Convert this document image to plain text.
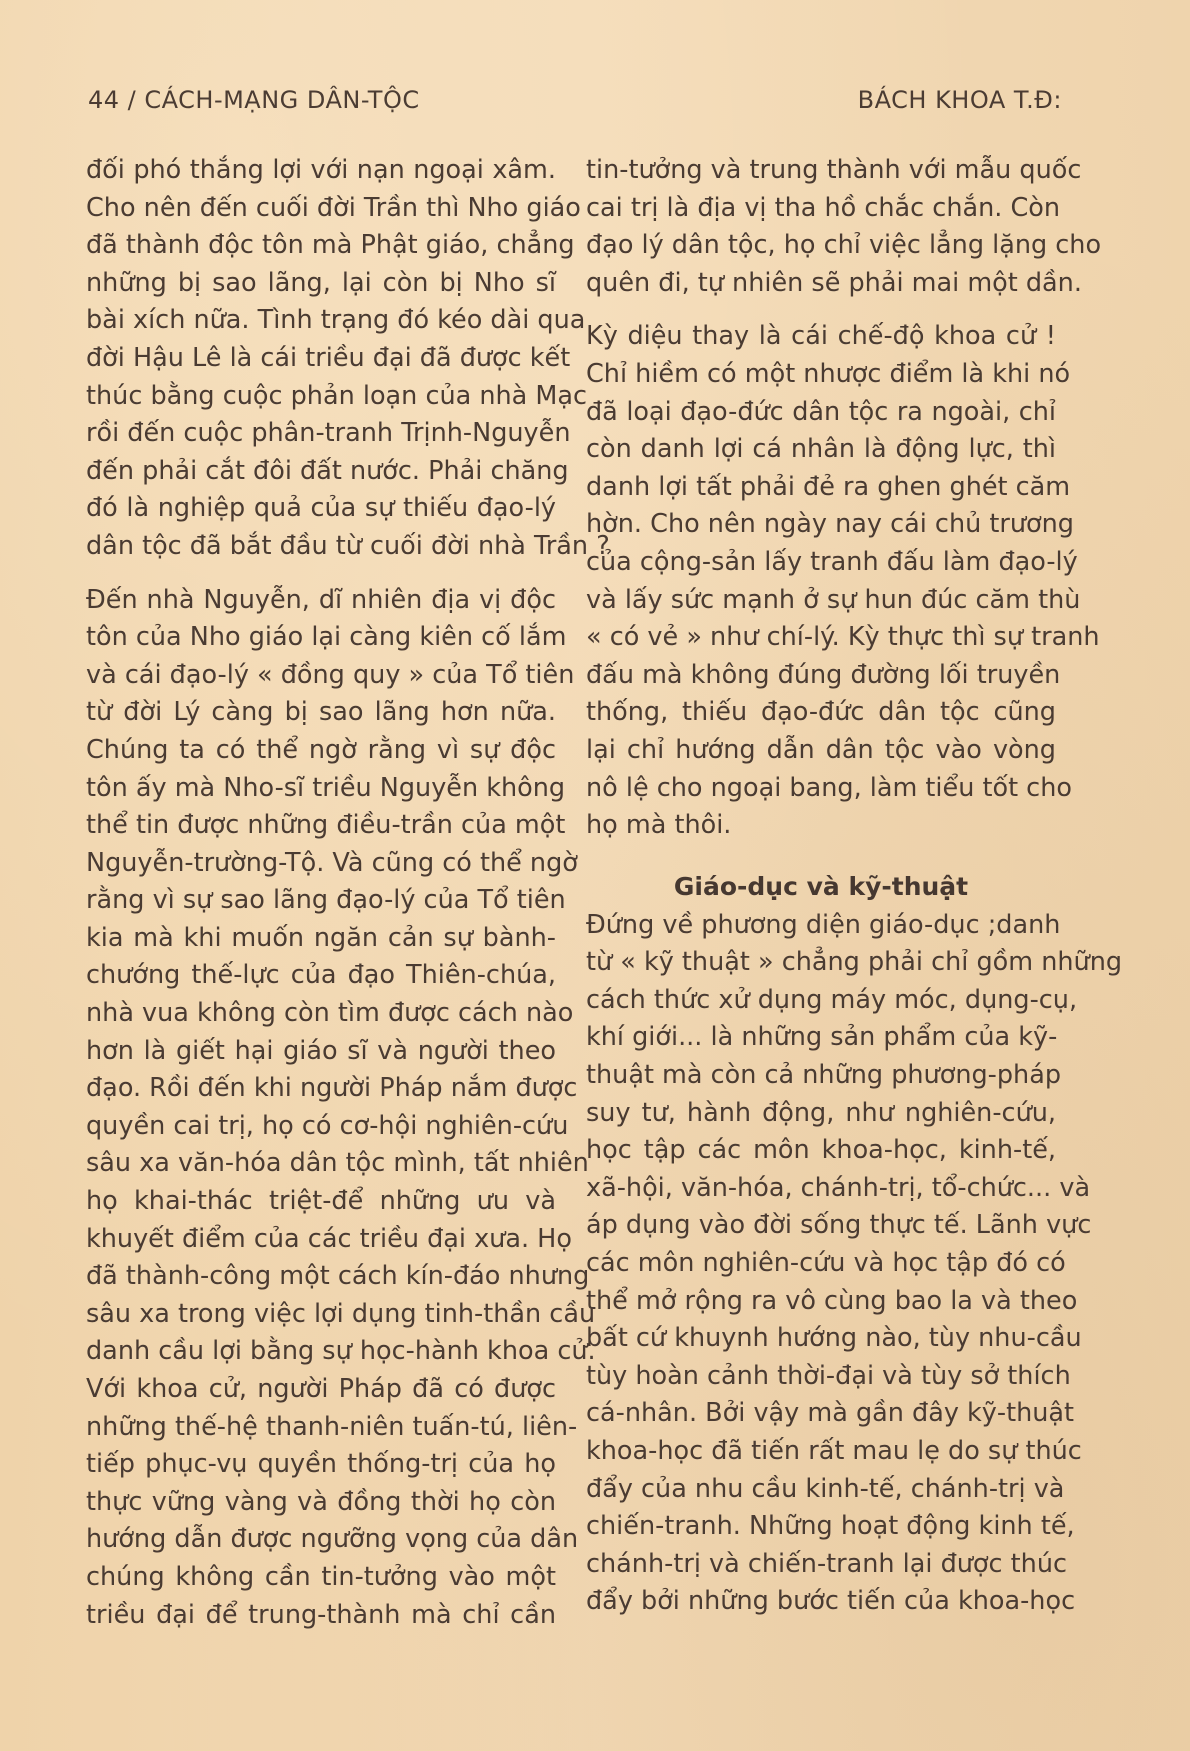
44 / CÁCH-MẠNG DÂN-TỘC	BÁCH KHOA T.Đ:
đối phó thắng lợi với nạn ngoại xâm.
Cho nên đến cuối đời Trần thì Nho giáo
đã thành độc tôn mà Phật giáo, chẳng
những bị sao lãng, lại còn bị Nho sĩ
bài xích nữa. Tình trạng đó kéo dài qua
đời Hậu Lê là cái triều đại đã được kết
thúc bằng cuộc phản loạn của nhà Mạc
rồi đến cuộc phân-tranh Trịnh-Nguyễn
đến phải cắt đôi đất nước. Phải chăng
đó là nghiệp quả của sự thiếu đạo-lý
dân tộc đã bắt đầu từ cuối đời nhà Trần ?
Đến nhà Nguyễn, dĩ nhiên địa vị độc
tôn của Nho giáo lại càng kiên cố lắm
và cái đạo-lý « đồng quy » của Tổ tiên
từ đời Lý càng bị sao lãng hơn nữa.
Chúng ta có thể ngờ rằng vì sự độc
tôn ấy mà Nho-sĩ triều Nguyễn không
thể tin được những điều-trần của một
Nguyễn-trường-Tộ. Và cũng có thể ngờ
rằng vì sự sao lãng đạo-lý của Tổ tiên
kia mà khi muốn ngăn cản sự bành-
chướng thế-lực của đạo Thiên-chúa,
nhà vua không còn tìm được cách nào
hơn là giết hại giáo sĩ và người theo
đạo. Rồi đến khi người Pháp nắm được
quyền cai trị, họ có cơ-hội nghiên-cứu
sâu xa văn-hóa dân tộc mình, tất nhiên
họ khai-thác triệt-để những ưu và
khuyết điểm của các triều đại xưa. Họ
đã thành-công một cách kín-đáo nhưng
sâu xa trong việc lợi dụng tinh-thần cầu
danh cầu lợi bằng sự học-hành khoa cử.
Với khoa cử, người Pháp đã có được
những thế-hệ thanh-niên tuấn-tú, liên-
tiếp phục-vụ quyền thống-trị của họ
thực vững vàng và đồng thời họ còn
hướng dẫn được ngưỡng vọng của dân
chúng không cần tin-tưởng vào một
triều đại để trung-thành mà chỉ cần
tin-tưởng và trung thành với mẫu quốc
cai trị là địa vị tha hồ chắc chắn. Còn
đạo lý dân tộc, họ chỉ việc lẳng lặng cho
quên đi, tự nhiên sẽ phải mai một dần.
Kỳ diệu thay là cái chế-độ khoa cử !
Chỉ hiềm có một nhược điểm là khi nó
đã loại đạo-đức dân tộc ra ngoài, chỉ
còn danh lợi cá nhân là động lực, thì
danh lợi tất phải đẻ ra ghen ghét căm
hờn. Cho nên ngày nay cái chủ trương
của cộng-sản lấy tranh đấu làm đạo-lý
và lấy sức mạnh ở sự hun đúc căm thù
« có vẻ » như chí-lý. Kỳ thực thì sự tranh
đấu mà không đúng đường lối truyền
thống, thiếu đạo-đức dân tộc cũng
lại chỉ hướng dẫn dân tộc vào vòng
nô lệ cho ngoại bang, làm tiểu tốt cho
họ mà thôi.
Giáo-dục và kỹ-thuật
Đứng về phương diện giáo-dục ;danh
từ « kỹ thuật » chẳng phải chỉ gồm những
cách thức xử dụng máy móc, dụng-cụ,
khí giới... là những sản phẩm của kỹ-
thuật mà còn cả những phương-pháp
suy tư, hành động, như nghiên-cứu,
học tập các môn khoa-học, kinh-tế,
xã-hội, văn-hóa, chánh-trị, tổ-chức... và
áp dụng vào đời sống thực tế. Lãnh vực
các môn nghiên-cứu và học tập đó có
thể mở rộng ra vô cùng bao la và theo
bất cứ khuynh hướng nào, tùy nhu-cầu
tùy hoàn cảnh thời-đại và tùy sở thích
cá-nhân. Bởi vậy mà gần đây kỹ-thuật
khoa-học đã tiến rất mau lẹ do sự thúc
đẩy của nhu cầu kinh-tế, chánh-trị và
chiến-tranh. Những hoạt động kinh tế,
chánh-trị và chiến-tranh lại được thúc
đẩy bởi những bước tiến của khoa-học
